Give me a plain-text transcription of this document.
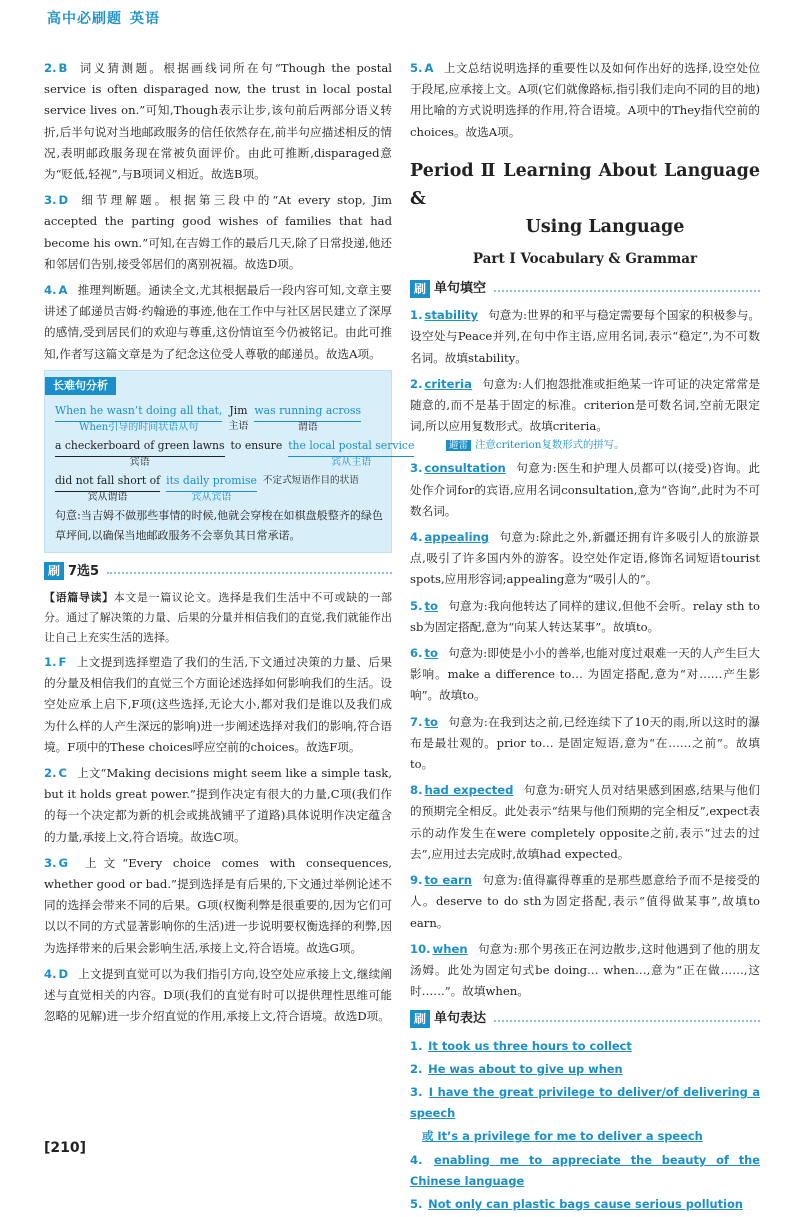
高中必刷题 英语
2. B 词义猜测题。根据画线词所在句“Though the postal service is often disparaged now, the trust in local postal service lives on.”可知,Though表示让步,该句前后两部分语义转折,后半句说对当地邮政服务的信任依然存在,前半句应描述相反的情况,表明邮政服务现在常被负面评价。由此可推断,disparaged意为“贬低,轻视”,与B项词义相近。故选B项。
3. D 细节理解题。根据第三段中的“At every stop, Jim accepted the parting good wishes of families that had become his own.”可知,在吉姆工作的最后几天,除了日常投递,他还和邻居们告别,接受邻居们的离别祝福。故选D项。
4. A 推理判断题。通读全文,尤其根据最后一段内容可知,文章主要讲述了邮递员吉姆·约翰逊的事迹,他在工作中与社区居民建立了深厚的感情,受到居民们的欢迎与尊重,这份情谊至今仍被铭记。由此可推知,作者写这篇文章是为了纪念这位受人尊敬的邮递员。故选A项。
长难句分析
When he wasn’t doing all that,
When引导的时间状语从句
Jim
主语
was running across
谓语
a checkerboard of green lawns
宾语
to ensure the local postal service
宾从主语
did not fall short of
宾从谓语
its daily promise
宾从宾语
不定式短语作目的状语
句意:当吉姆不做那些事情的时候,他就会穿梭在如棋盘般整齐的绿色草坪间,以确保当地邮政服务不会辜负其日常承诺。
刷 7选5
【语篇导读】本文是一篇议论文。选择是我们生活中不可或缺的一部分。通过了解决策的力量、后果的分量并相信我们的直觉,我们就能作出让自己上充实生活的选择。
1. F 上文提到选择塑造了我们的生活,下文通过决策的力量、后果的分量及相信我们的直觉三个方面论述选择如何影响我们的生活。设空处应承上启下,F项(这些选择,无论大小,都对我们是谁以及我们成为什么样的人产生深远的影响)进一步阐述选择对我们的影响,符合语境。F项中的These choices呼应空前的choices。故选F项。
2. C 上文“Making decisions might seem like a simple task, but it holds great power.”提到作决定有很大的力量,C项(我们作的每一个决定都为新的机会或挑战铺平了道路)具体说明作决定蕴含的力量,承接上文,符合语境。故选C项。
3. G 上文“Every choice comes with consequences, whether good or bad.”提到选择是有后果的,下文通过举例论述不同的选择会带来不同的后果。G项(权衡利弊是很重要的,因为它们可以以不同的方式显著影响你的生活)进一步说明要权衡选择的利弊,因为选择带来的后果会影响生活,承接上文,符合语境。故选G项。
4. D 上文提到直觉可以为我们指引方向,设空处应承接上文,继续阐述与直觉相关的内容。D项(我们的直觉有时可以提供理性思维可能忽略的见解)进一步介绍直觉的作用,承接上文,符合语境。故选D项。
5. A 上文总结说明选择的重要性以及如何作出好的选择,设空处位于段尾,应承接上文。A项(它们就像路标,指引我们走向不同的目的地)用比喻的方式说明选择的作用,符合语境。A项中的They指代空前的choices。故选A项。
Period Ⅱ Learning About Language &
Using Language
Part Ⅰ Vocabulary & Grammar
刷 单句填空
1. stability 句意为:世界的和平与稳定需要每个国家的积极参与。设空处与Peace并列,在句中作主语,应用名词,表示“稳定”,为不可数名词。故填stability。
2. criteria 句意为:人们抱怨批准或拒绝某一许可证的决定常常是随意的,而不是基于固定的标准。criterion是可数名词,空前无限定词,所以应用复数形式。故填criteria。
避雷 注意criterion复数形式的拼写。
3. consultation 句意为:医生和护理人员都可以(接受)咨询。此处作介词for的宾语,应用名词consultation,意为“咨询”,此时为不可数名词。
4. appealing 句意为:除此之外,新疆还拥有许多吸引人的旅游景点,吸引了许多国内外的游客。设空处作定语,修饰名词短语tourist spots,应用形容词;appealing意为“吸引人的”。
5. to 句意为:我向他转达了同样的建议,但他不会听。relay sth to sb为固定搭配,意为“向某人转达某事”。故填to。
6. to 句意为:即使是小小的善举,也能对度过艰难一天的人产生巨大影响。make a difference to… 为固定搭配,意为“对……产生影响”。故填to。
7. to 句意为:在我到达之前,已经连续下了10天的雨,所以这时的瀑布是最壮观的。prior to… 是固定短语,意为“在……之前”。故填to。
8. had expected 句意为:研究人员对结果感到困惑,结果与他们的预期完全相反。此处表示“结果与他们预期的完全相反”,expect表示的动作发生在were completely opposite之前,表示“过去的过去”,应用过去完成时,故填had expected。
9. to earn 句意为:值得赢得尊重的是那些愿意给予而不是接受的人。deserve to do sth为固定搭配,表示“值得做某事”,故填to earn。
10. when 句意为:那个男孩正在河边散步,这时他遇到了他的朋友汤姆。此处为固定句式be doing… when…,意为“正在做……,这时……”。故填when。
刷 单句表达
1. It took us three hours to collect
2. He was about to give up when
3. I have the great privilege to deliver/of delivering a speech
或 It’s a privilege for me to deliver a speech
4. enabling me to appreciate the beauty of the Chinese language
5. Not only can plastic bags cause serious pollution
[210]
